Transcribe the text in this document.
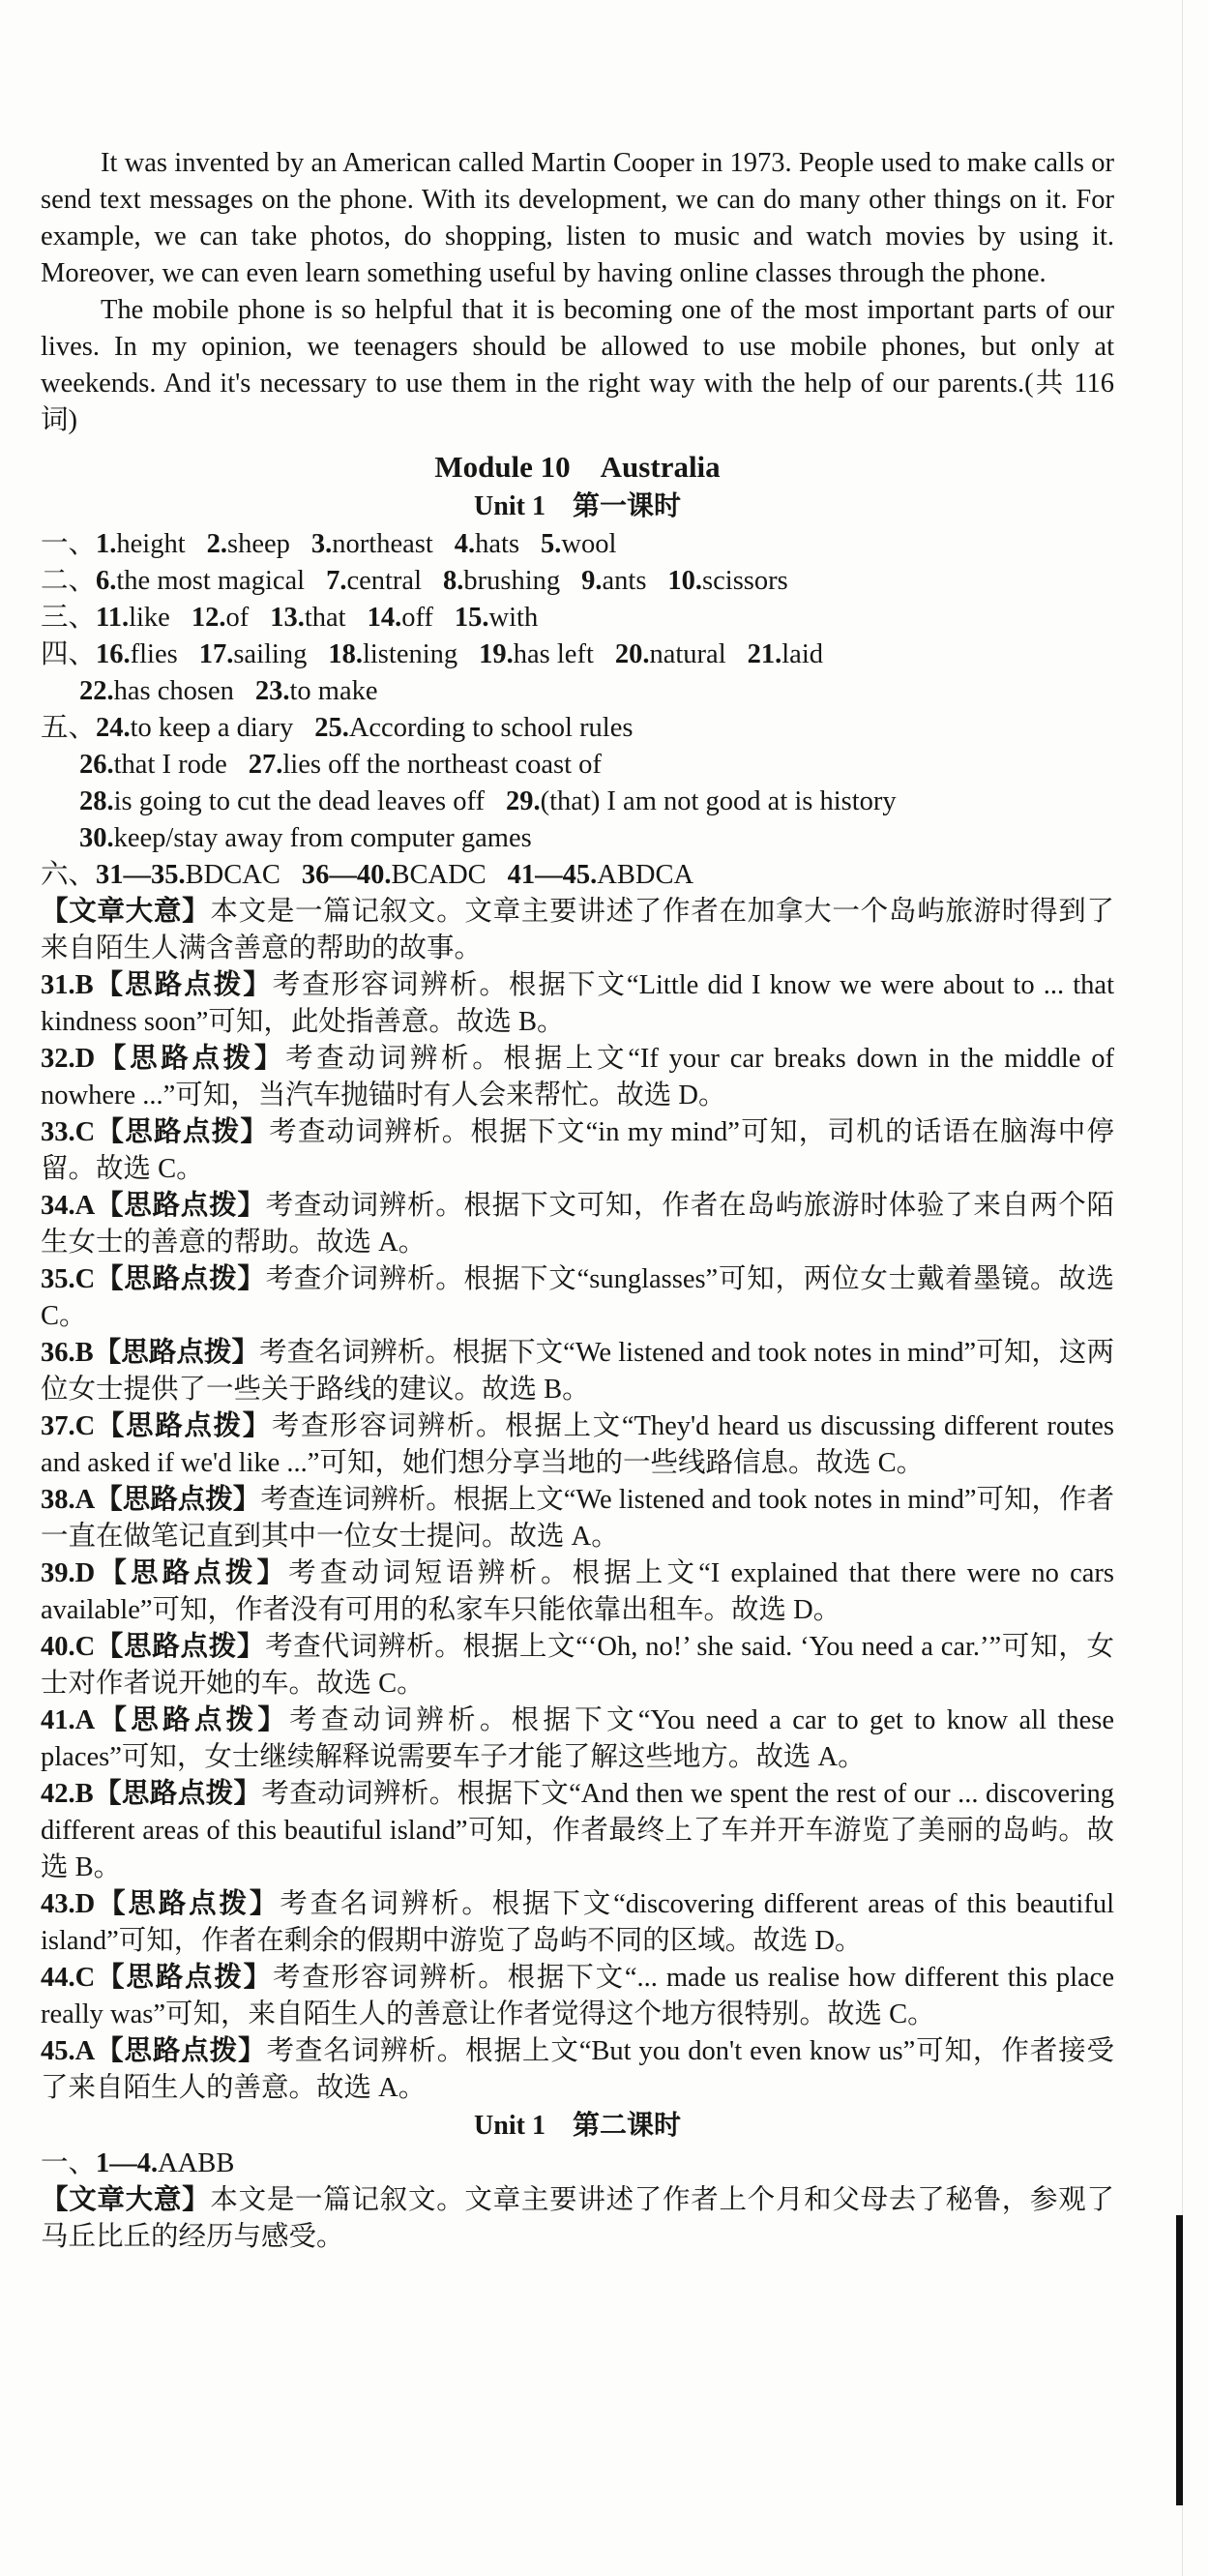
It was invented by an American called Martin Cooper in 1973. People used to make calls or send text messages on the phone. With its development, we can do many other things on it. For example, we can take photos, do shopping, listen to music and watch movies by using it. Moreover, we can even learn something useful by having online classes through the phone.

The mobile phone is so helpful that it is becoming one of the most important parts of our lives. In my opinion, we teenagers should be allowed to use mobile phones, but only at weekends. And it's necessary to use them in the right way with the help of our parents.(共 116 词)

Module 10　Australia
Unit 1　第一课时

一、1.height 2.sheep 3.northeast 4.hats 5.wool

二、6.the most magical 7.central 8.brushing 9.ants 10.scissors

三、11.like 12.of 13.that 14.off 15.with

四、16.flies 17.sailing 18.listening 19.has left 20.natural 21.laid

22.has chosen 23.to make

五、24.to keep a diary 25.According to school rules

26.that I rode 27.lies off the northeast coast of

28.is going to cut the dead leaves off 29.(that) I am not good at is history

30.keep/stay away from computer games

六、31—35.BDCAC 36—40.BCADC 41—45.ABDCA

【文章大意】本文是一篇记叙文。文章主要讲述了作者在加拿大一个岛屿旅游时得到了来自陌生人满含善意的帮助的故事。

31.B【思路点拨】考查形容词辨析。根据下文“Little did I know we were about to ... that kindness soon”可知，此处指善意。故选 B。

32.D【思路点拨】考查动词辨析。根据上文“If your car breaks down in the middle of nowhere ...”可知，当汽车抛锚时有人会来帮忙。故选 D。

33.C【思路点拨】考查动词辨析。根据下文“in my mind”可知，司机的话语在脑海中停留。故选 C。

34.A【思路点拨】考查动词辨析。根据下文可知，作者在岛屿旅游时体验了来自两个陌生女士的善意的帮助。故选 A。

35.C【思路点拨】考查介词辨析。根据下文“sunglasses”可知，两位女士戴着墨镜。故选 C。

36.B【思路点拨】考查名词辨析。根据下文“We listened and took notes in mind”可知，这两位女士提供了一些关于路线的建议。故选 B。

37.C【思路点拨】考查形容词辨析。根据上文“They'd heard us discussing different routes and asked if we'd like ...”可知，她们想分享当地的一些线路信息。故选 C。

38.A【思路点拨】考查连词辨析。根据上文“We listened and took notes in mind”可知，作者一直在做笔记直到其中一位女士提问。故选 A。

39.D【思路点拨】考查动词短语辨析。根据上文“I explained that there were no cars available”可知，作者没有可用的私家车只能依靠出租车。故选 D。

40.C【思路点拨】考查代词辨析。根据上文“‘Oh, no!’ she said. ‘You need a car.’”可知，女士对作者说开她的车。故选 C。

41.A【思路点拨】考查动词辨析。根据下文“You need a car to get to know all these places”可知，女士继续解释说需要车子才能了解这些地方。故选 A。

42.B【思路点拨】考查动词辨析。根据下文“And then we spent the rest of our ... discovering different areas of this beautiful island”可知，作者最终上了车并开车游览了美丽的岛屿。故选 B。

43.D【思路点拨】考查名词辨析。根据下文“discovering different areas of this beautiful island”可知，作者在剩余的假期中游览了岛屿不同的区域。故选 D。

44.C【思路点拨】考查形容词辨析。根据下文“... made us realise how different this place really was”可知，来自陌生人的善意让作者觉得这个地方很特别。故选 C。

45.A【思路点拨】考查名词辨析。根据上文“But you don't even know us”可知，作者接受了来自陌生人的善意。故选 A。

Unit 1　第二课时

一、1—4.AABB

【文章大意】本文是一篇记叙文。文章主要讲述了作者上个月和父母去了秘鲁，参观了马丘比丘的经历与感受。
